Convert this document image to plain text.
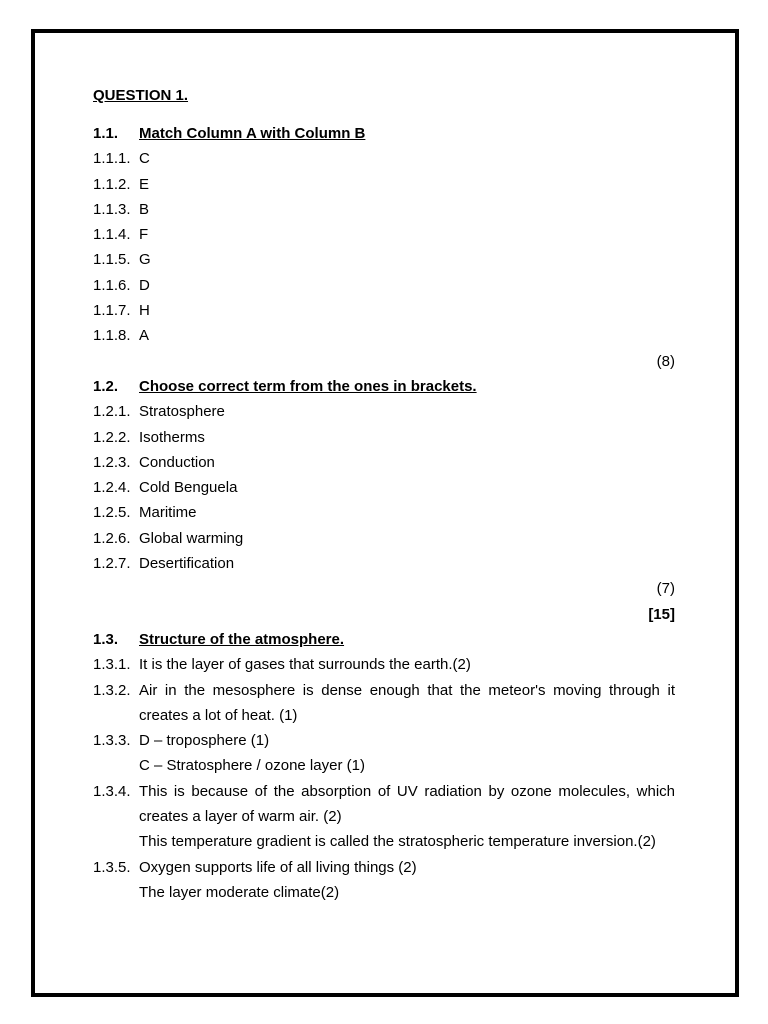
QUESTION 1.
1.1.	Match Column A with Column B
1.1.1. C
1.1.2. E
1.1.3. B
1.1.4. F
1.1.5. G
1.1.6. D
1.1.7. H
1.1.8. A
(8)
1.2.	Choose correct term from the ones in brackets.
1.2.1. Stratosphere
1.2.2. Isotherms
1.2.3. Conduction
1.2.4. Cold Benguela
1.2.5. Maritime
1.2.6. Global warming
1.2.7. Desertification
(7)
[15]
1.3.	Structure of the atmosphere.
1.3.1. It is the layer of gases that surrounds the earth.(2)
1.3.2. Air in the mesosphere is dense enough that the meteor's moving through it creates a lot of heat. (1)
1.3.3. D – troposphere (1)
C – Stratosphere / ozone layer (1)
1.3.4. This is because of the absorption of UV radiation by ozone molecules, which creates a layer of warm air. (2)
This temperature gradient is called the stratospheric temperature inversion.(2)
1.3.5. Oxygen supports life of all living things (2)
The layer moderate climate(2)
